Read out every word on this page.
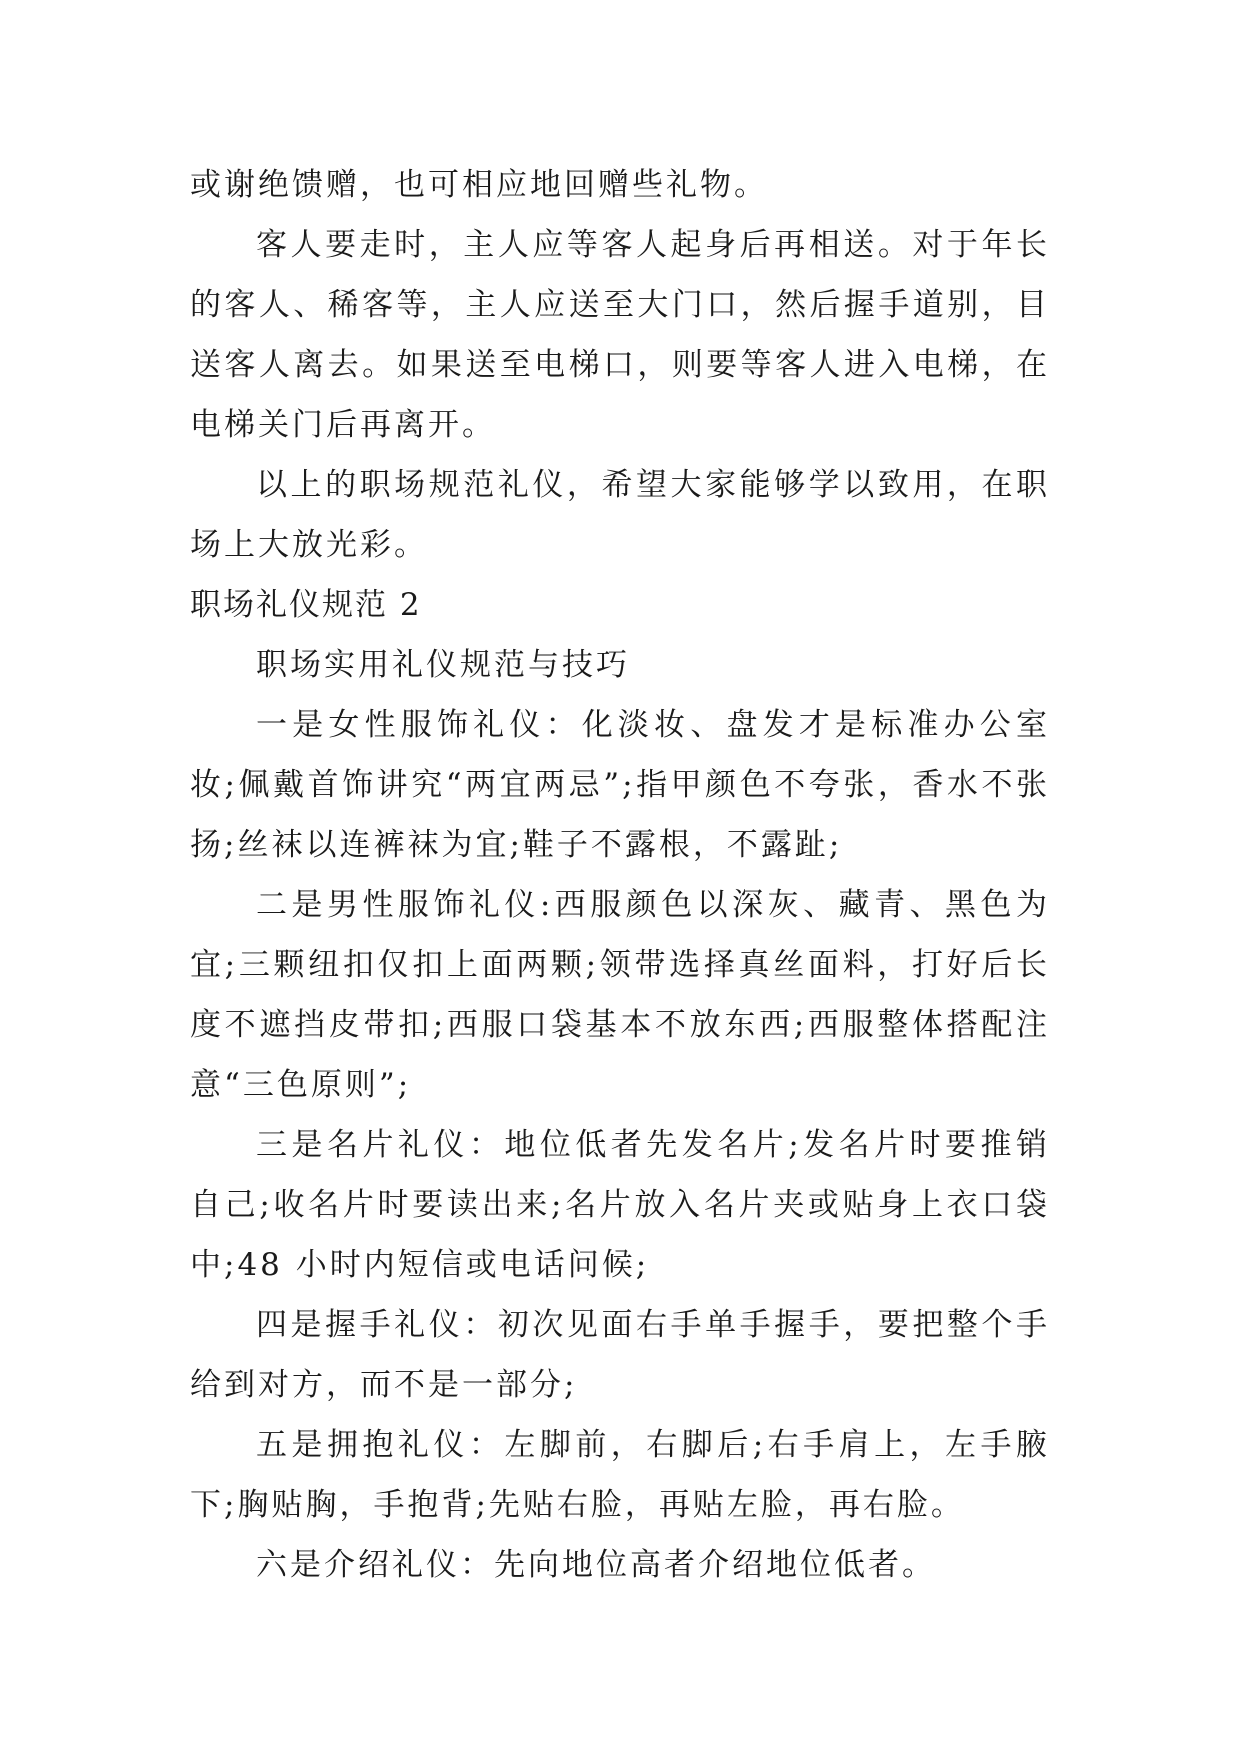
或谢绝馈赠，也可相应地回赠些礼物。

客人要走时，主人应等客人起身后再相送。对于年长的客人、稀客等，主人应送至大门口，然后握手道别，目送客人离去。如果送至电梯口，则要等客人进入电梯，在电梯关门后再离开。

以上的职场规范礼仪，希望大家能够学以致用，在职场上大放光彩。

职场礼仪规范 2

职场实用礼仪规范与技巧

一是女性服饰礼仪：化淡妆、盘发才是标准办公室妆;佩戴首饰讲究“两宜两忌”;指甲颜色不夸张，香水不张扬;丝袜以连裤袜为宜;鞋子不露根，不露趾;

二是男性服饰礼仪:西服颜色以深灰、藏青、黑色为宜;三颗纽扣仅扣上面两颗;领带选择真丝面料，打好后长度不遮挡皮带扣;西服口袋基本不放东西;西服整体搭配注意“三色原则”;

三是名片礼仪：地位低者先发名片;发名片时要推销自己;收名片时要读出来;名片放入名片夹或贴身上衣口袋中;48 小时内短信或电话问候;

四是握手礼仪：初次见面右手单手握手，要把整个手给到对方，而不是一部分;

五是拥抱礼仪：左脚前，右脚后;右手肩上，左手腋下;胸贴胸，手抱背;先贴右脸，再贴左脸，再右脸。

六是介绍礼仪：先向地位高者介绍地位低者。
